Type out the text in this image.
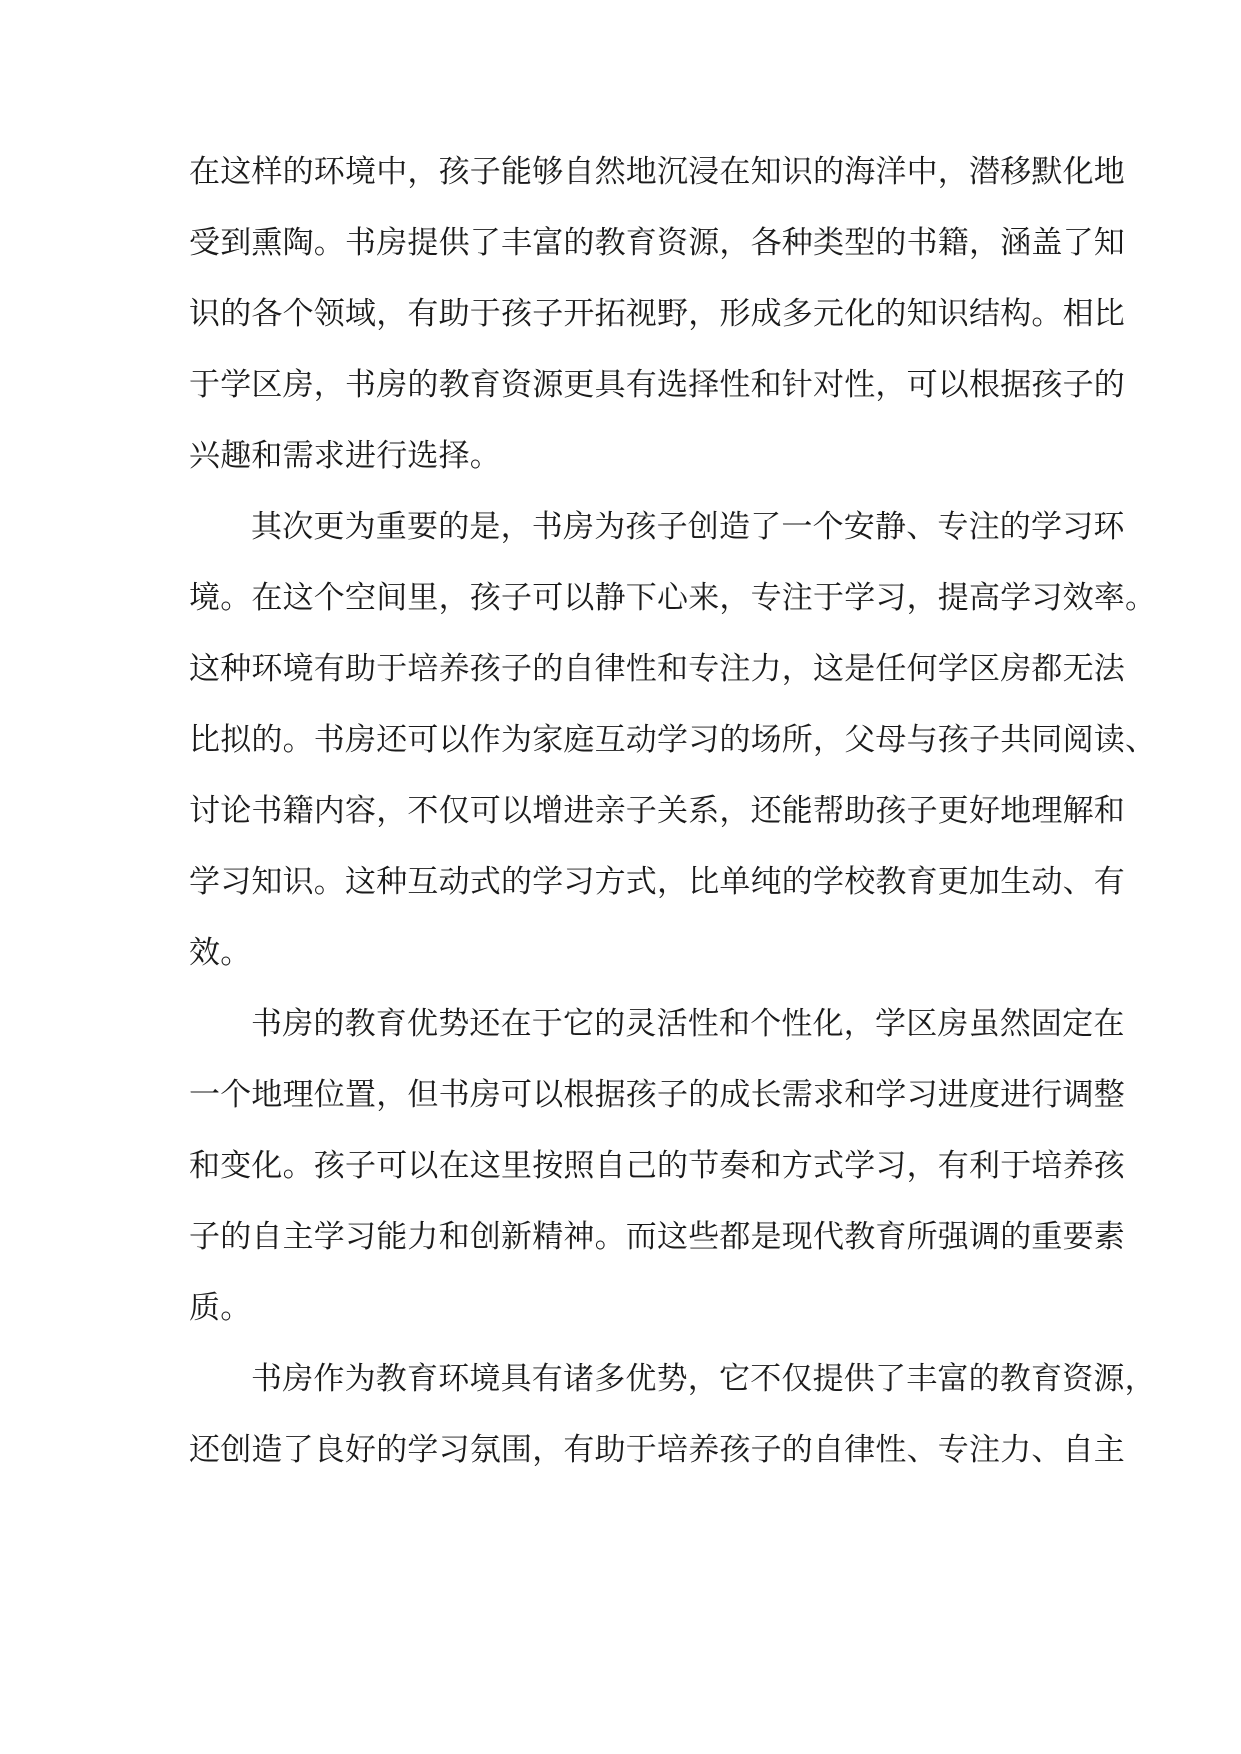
在这样的环境中，孩子能够自然地沉浸在知识的海洋中，潜移默化地
受到熏陶。书房提供了丰富的教育资源，各种类型的书籍，涵盖了知
识的各个领域，有助于孩子开拓视野，形成多元化的知识结构。相比
于学区房，书房的教育资源更具有选择性和针对性，可以根据孩子的
兴趣和需求进行选择。
其次更为重要的是，书房为孩子创造了一个安静、专注的学习环
境。在这个空间里，孩子可以静下心来，专注于学习，提高学习效率。
这种环境有助于培养孩子的自律性和专注力，这是任何学区房都无法
比拟的。书房还可以作为家庭互动学习的场所，父母与孩子共同阅读、
讨论书籍内容，不仅可以增进亲子关系，还能帮助孩子更好地理解和
学习知识。这种互动式的学习方式，比单纯的学校教育更加生动、有
效。
书房的教育优势还在于它的灵活性和个性化，学区房虽然固定在
一个地理位置，但书房可以根据孩子的成长需求和学习进度进行调整
和变化。孩子可以在这里按照自己的节奏和方式学习，有利于培养孩
子的自主学习能力和创新精神。而这些都是现代教育所强调的重要素
质。
书房作为教育环境具有诸多优势，它不仅提供了丰富的教育资源，
还创造了良好的学习氛围，有助于培养孩子的自律性、专注力、自主
